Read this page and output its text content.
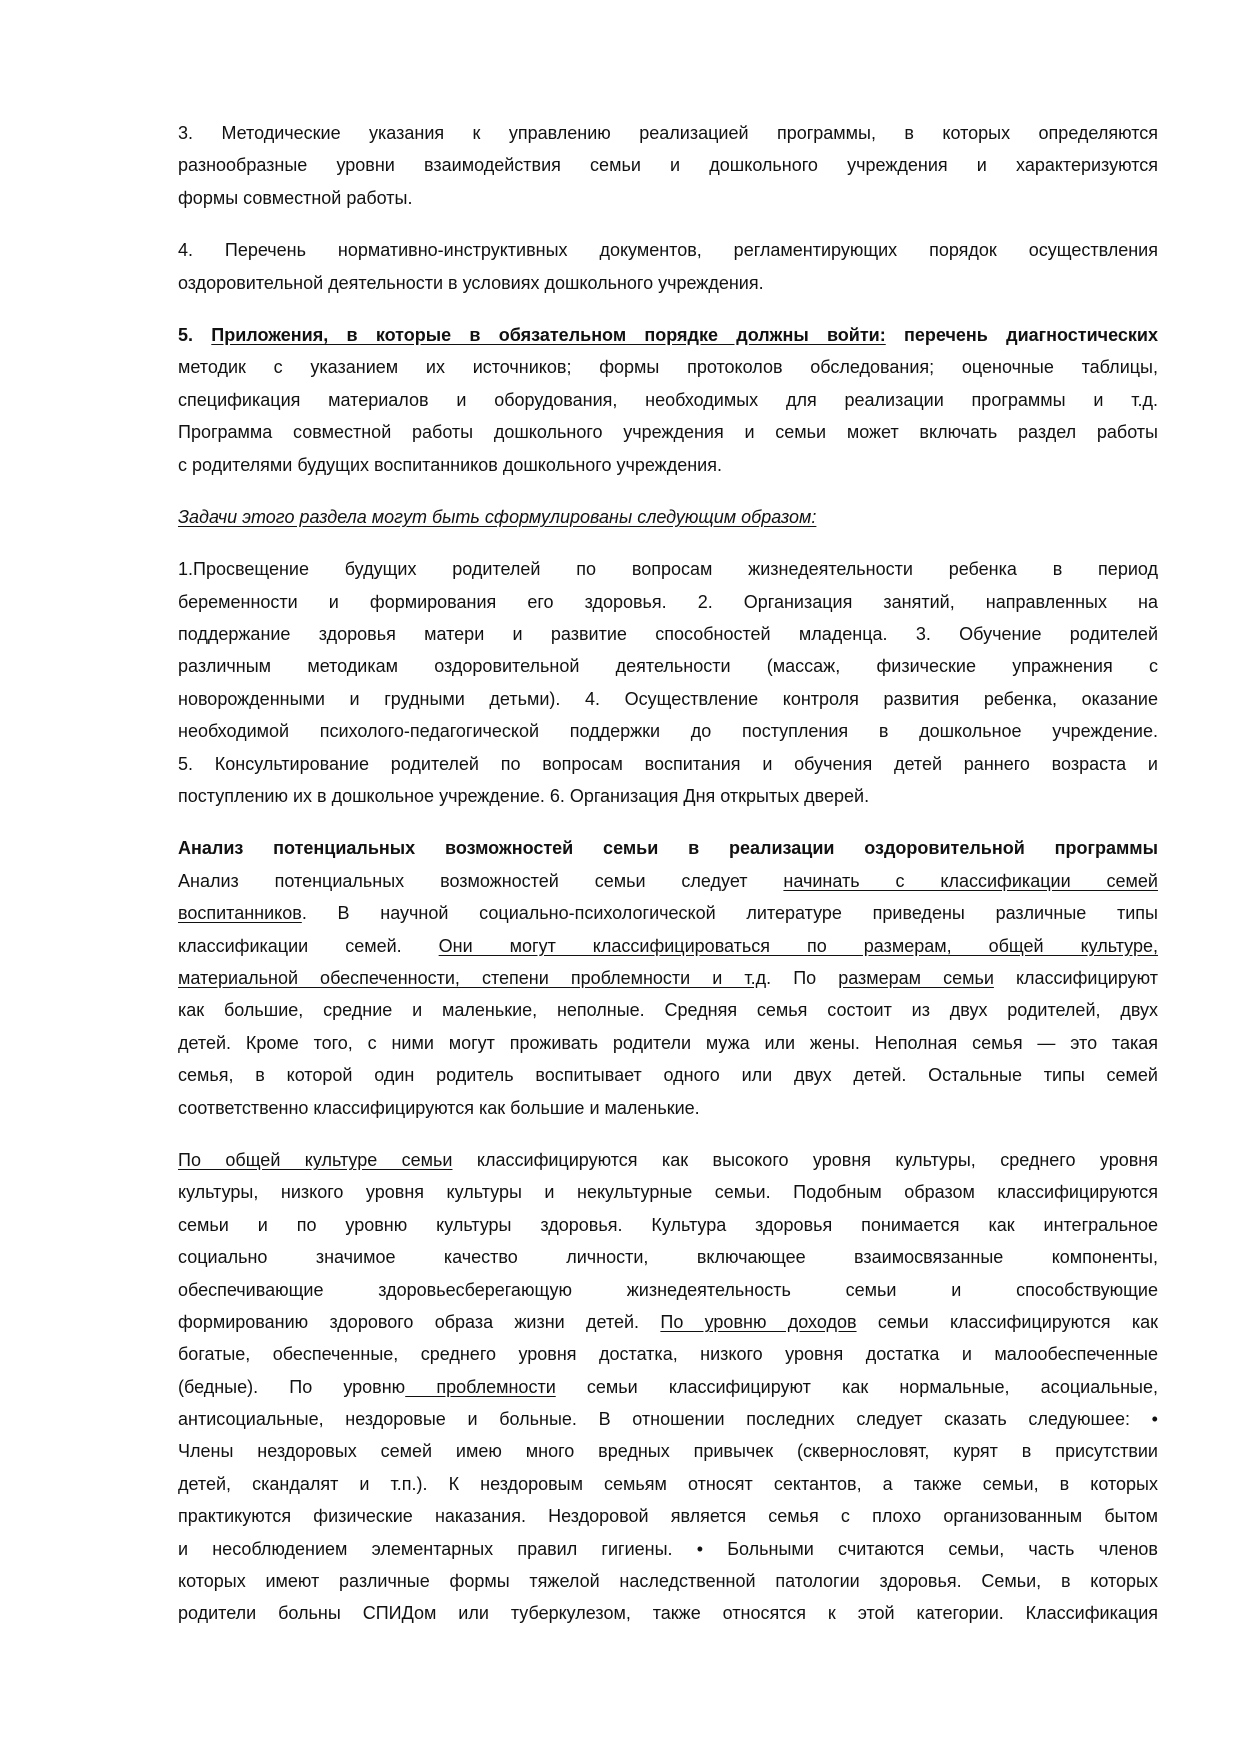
3. Методические указания к управлению реализацией программы, в которых определяются
разнообразные уровни взаимодействия семьи и дошкольного учреждения и характеризуются
формы совместной работы.
4. Перечень нормативно-инструктивных документов, регламентирующих порядок осуществления
оздоровительной деятельности в условиях дошкольного учреждения.
5. Приложения, в которые в обязательном порядке должны войти: перечень диагностических
методик с указанием их источников; формы протоколов обследования; оценочные таблицы,
спецификация материалов и оборудования, необходимых для реализации программы и т.д.
Программа совместной работы дошкольного учреждения и семьи может включать раздел работы
с родителями будущих воспитанников дошкольного учреждения.
Задачи этого раздела могут быть сформулированы следующим образом:
1.Просвещение будущих родителей по вопросам жизнедеятельности ребенка в период
беременности и формирования его здоровья. 2. Организация занятий, направленных на
поддержание здоровья матери и развитие способностей младенца. 3. Обучение родителей
различным методикам оздоровительной деятельности (массаж, физические упражнения с
новорожденными и грудными детьми). 4. Осуществление контроля развития ребенка, оказание
необходимой психолого-педагогической поддержки до поступления в дошкольное учреждение.
5. Консультирование родителей по вопросам воспитания и обучения детей раннего возраста и
поступлению их в дошкольное учреждение. 6. Организация Дня открытых дверей.
Анализ потенциальных возможностей семьи в реализации оздоровительной программы
Анализ потенциальных возможностей семьи следует начинать с классификации семей
воспитанников. В научной социально-психологической литературе приведены различные типы
классификации семей. Они могут классифицироваться по размерам, общей культуре,
материальной обеспеченности, степени проблемности и т.д. По размерам семьи классифицируют
как большие, средние и маленькие, неполные. Средняя семья состоит из двух родителей, двух
детей. Кроме того, с ними могут проживать родители мужа или жены. Неполная семья — это такая
семья, в которой один родитель воспитывает одного или двух детей. Остальные типы семей
соответственно классифицируются как большие и маленькие.
По общей культуре семьи классифицируются как высокого уровня культуры, среднего уровня
культуры, низкого уровня культуры и некультурные семьи. Подобным образом классифицируются
семьи и по уровню культуры здоровья. Культура здоровья понимается как интегральное
социально значимое качество личности, включающее взаимосвязанные компоненты,
обеспечивающие здоровьесберегающую жизнедеятельность семьи и способствующие
формированию здорового образа жизни детей. По уровню доходов семьи классифицируются как
богатые, обеспеченные, среднего уровня достатка, низкого уровня достатка и малообеспеченные
(бедные). По уровню проблемности семьи классифицируют как нормальные, асоциальные,
антисоциальные, нездоровые и больные. В отношении последних следует сказать следуюшее: •
Члены нездоровых семей имею много вредных привычек (сквернословят, курят в присутствии
детей, скандалят и т.п.). К нездоровым семьям относят сектантов, а также семьи, в которых
практикуются физические наказания. Нездоровой является семья с плохо организованным бытом
и несоблюдением элементарных правил гигиены. • Больными считаются семьи, часть членов
которых имеют различные формы тяжелой наследственной патологии здоровья. Семьи, в которых
родители больны СПИДом или туберкулезом, также относятся к этой категории. Классификация
